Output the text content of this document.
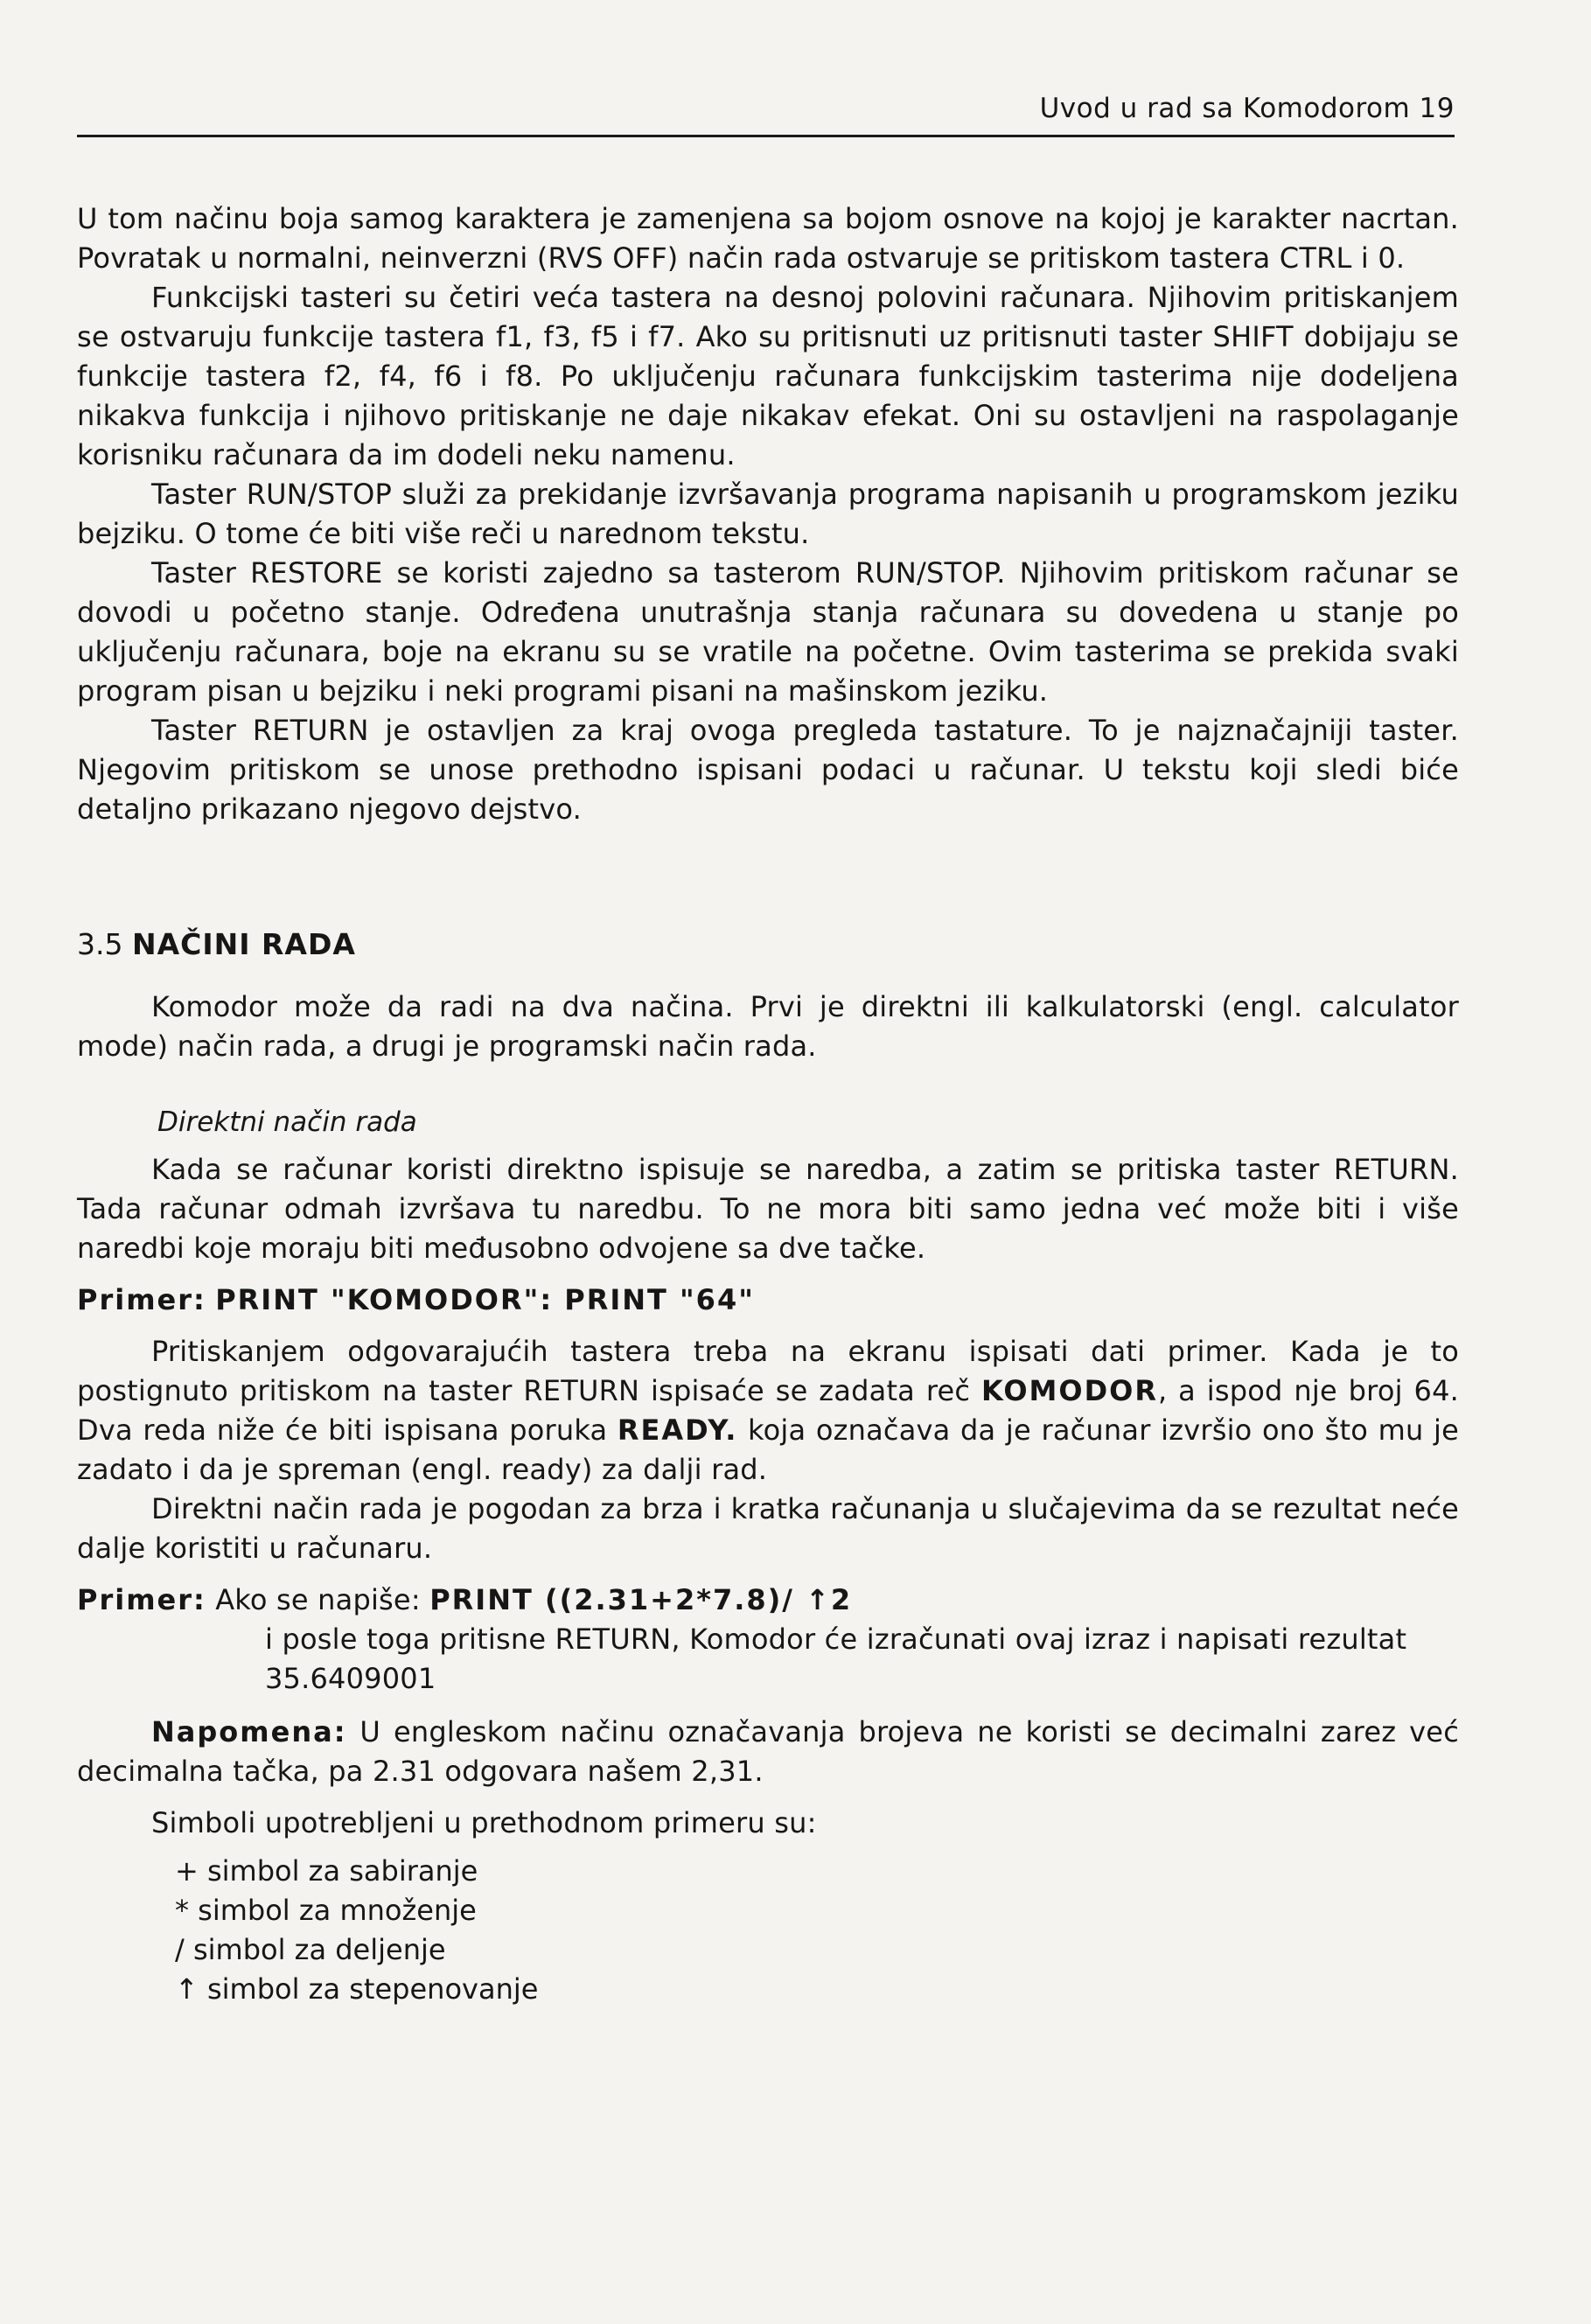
Uvod u rad sa Komodorom 19

U tom načinu boja samog karaktera je zamenjena sa bojom osnove na kojoj je karakter nacrtan. Povratak u normalni, neinverzni (RVS OFF) način rada ostvaruje se pritiskom tastera CTRL i 0.

Funkcijski tasteri su četiri veća tastera na desnoj polovini računara. Njihovim pritiskanjem se ostvaruju funkcije tastera f1, f3, f5 i f7. Ako su pritisnuti uz pritisnuti taster SHIFT dobijaju se funkcije tastera f2, f4, f6 i f8. Po uključenju računara funkcijskim tasterima nije dodeljena nikakva funkcija i njihovo pritiskanje ne daje nikakav efekat. Oni su ostavljeni na raspolaganje korisniku računara da im dodeli neku namenu.

Taster RUN/STOP služi za prekidanje izvršavanja programa napisanih u programskom jeziku bejziku. O tome će biti više reči u narednom tekstu.

Taster RESTORE se koristi zajedno sa tasterom RUN/STOP. Njihovim pritiskom računar se dovodi u početno stanje. Određena unutrašnja stanja računara su dovedena u stanje po uključenju računara, boje na ekranu su se vratile na početne. Ovim tasterima se prekida svaki program pisan u bejziku i neki programi pisani na mašinskom jeziku.

Taster RETURN je ostavljen za kraj ovoga pregleda tastature. To je najznačajniji taster. Njegovim pritiskom se unose prethodno ispisani podaci u računar. U tekstu koji sledi biće detaljno prikazano njegovo dejstvo.

3.5 NAČINI RADA

Komodor može da radi na dva načina. Prvi je direktni ili kalkulatorski (engl. calculator mode) način rada, a drugi je programski način rada.

Direktni način rada

Kada se računar koristi direktno ispisuje se naredba, a zatim se pritiska taster RETURN. Tada računar odmah izvršava tu naredbu. To ne mora biti samo jedna već može biti i više naredbi koje moraju biti međusobno odvojene sa dve tačke.

Primer: PRINT "KOMODOR": PRINT "64"

Pritiskanjem odgovarajućih tastera treba na ekranu ispisati dati primer. Kada je to postignuto pritiskom na taster RETURN ispisaće se zadata reč KOMODOR, a ispod nje broj 64. Dva reda niže će biti ispisana poruka READY. koja označava da je računar izvršio ono što mu je zadato i da je spreman (engl. ready) za dalji rad.

Direktni način rada je pogodan za brza i kratka računanja u slučajevima da se rezultat neće dalje koristiti u računaru.

Primer: Ako se napiše: PRINT ((2.31+2*7.8)/ ↑2

i posle toga pritisne RETURN, Komodor će izračunati ovaj izraz i napisati rezultat

35.6409001

Napomena: U engleskom načinu označavanja brojeva ne koristi se decimalni zarez već decimalna tačka, pa 2.31 odgovara našem 2,31.

Simboli upotrebljeni u prethodnom primeru su:

+ simbol za sabiranje
* simbol za množenje
/ simbol za deljenje
↑ simbol za stepenovanje
